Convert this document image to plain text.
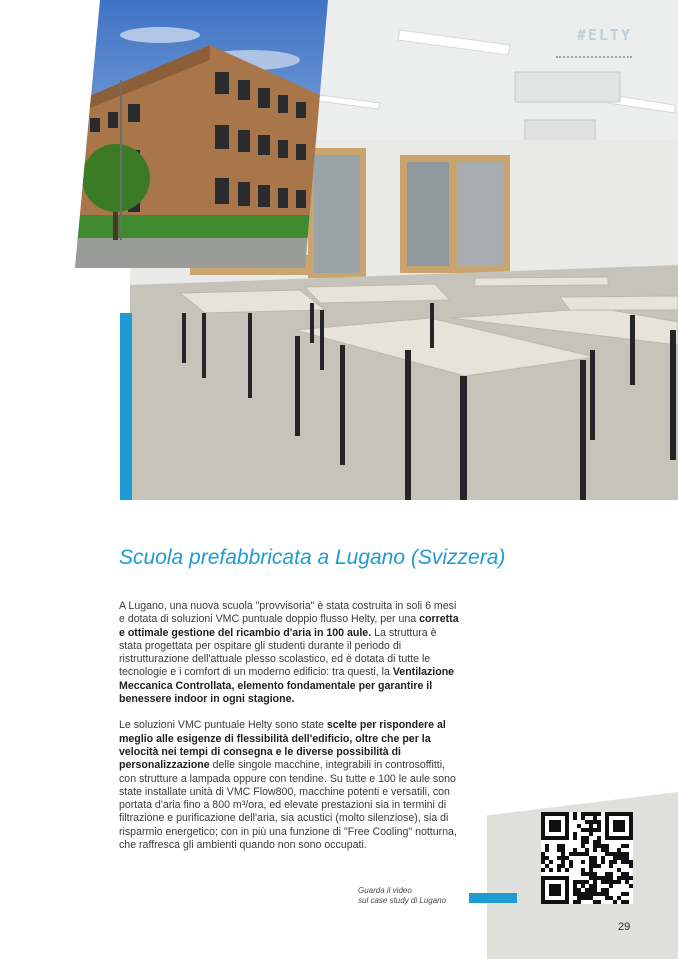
#ELTY
Scuola prefabbricata a Lugano (Svizzera)

A Lugano, una nuova scuola "provvisoria" è stata costruita in soli 6 mesi e dotata di soluzioni VMC puntuale doppio flusso Helty, per una corretta e ottimale gestione del ricambio d'aria in 100 aule. La struttura è stata progettata per ospitare gli studenti durante il periodo di ristrutturazione dell'attuale plesso scolastico, ed è dotata di tutte le tecnologie e i comfort di un moderno edificio: tra questi, la Ventilazione Meccanica Controllata, elemento fondamentale per garantire il benessere indoor in ogni stagione.

Le soluzioni VMC puntuale Helty sono state scelte per rispondere al meglio alle esigenze di flessibilità dell'edificio, oltre che per la velocità nei tempi di consegna e le diverse possibilità di personalizzazione delle singole macchine, integrabili in controsoffitti, con strutture a lampada oppure con tendine. Su tutte e 100 le aule sono state installate unità di VMC Flow800, macchine potenti e versatili, con portata d'aria fino a 800 m³/ora, ed elevate prestazioni sia in termini di filtrazione e purificazione dell'aria, sia acustici (molto silenziose), sia di risparmio energetico; con in più una funzione di "Free Cooling" notturna, che raffresca gli ambienti quando non sono occupati.

Guarda il video
sul case study di Lugano
29
